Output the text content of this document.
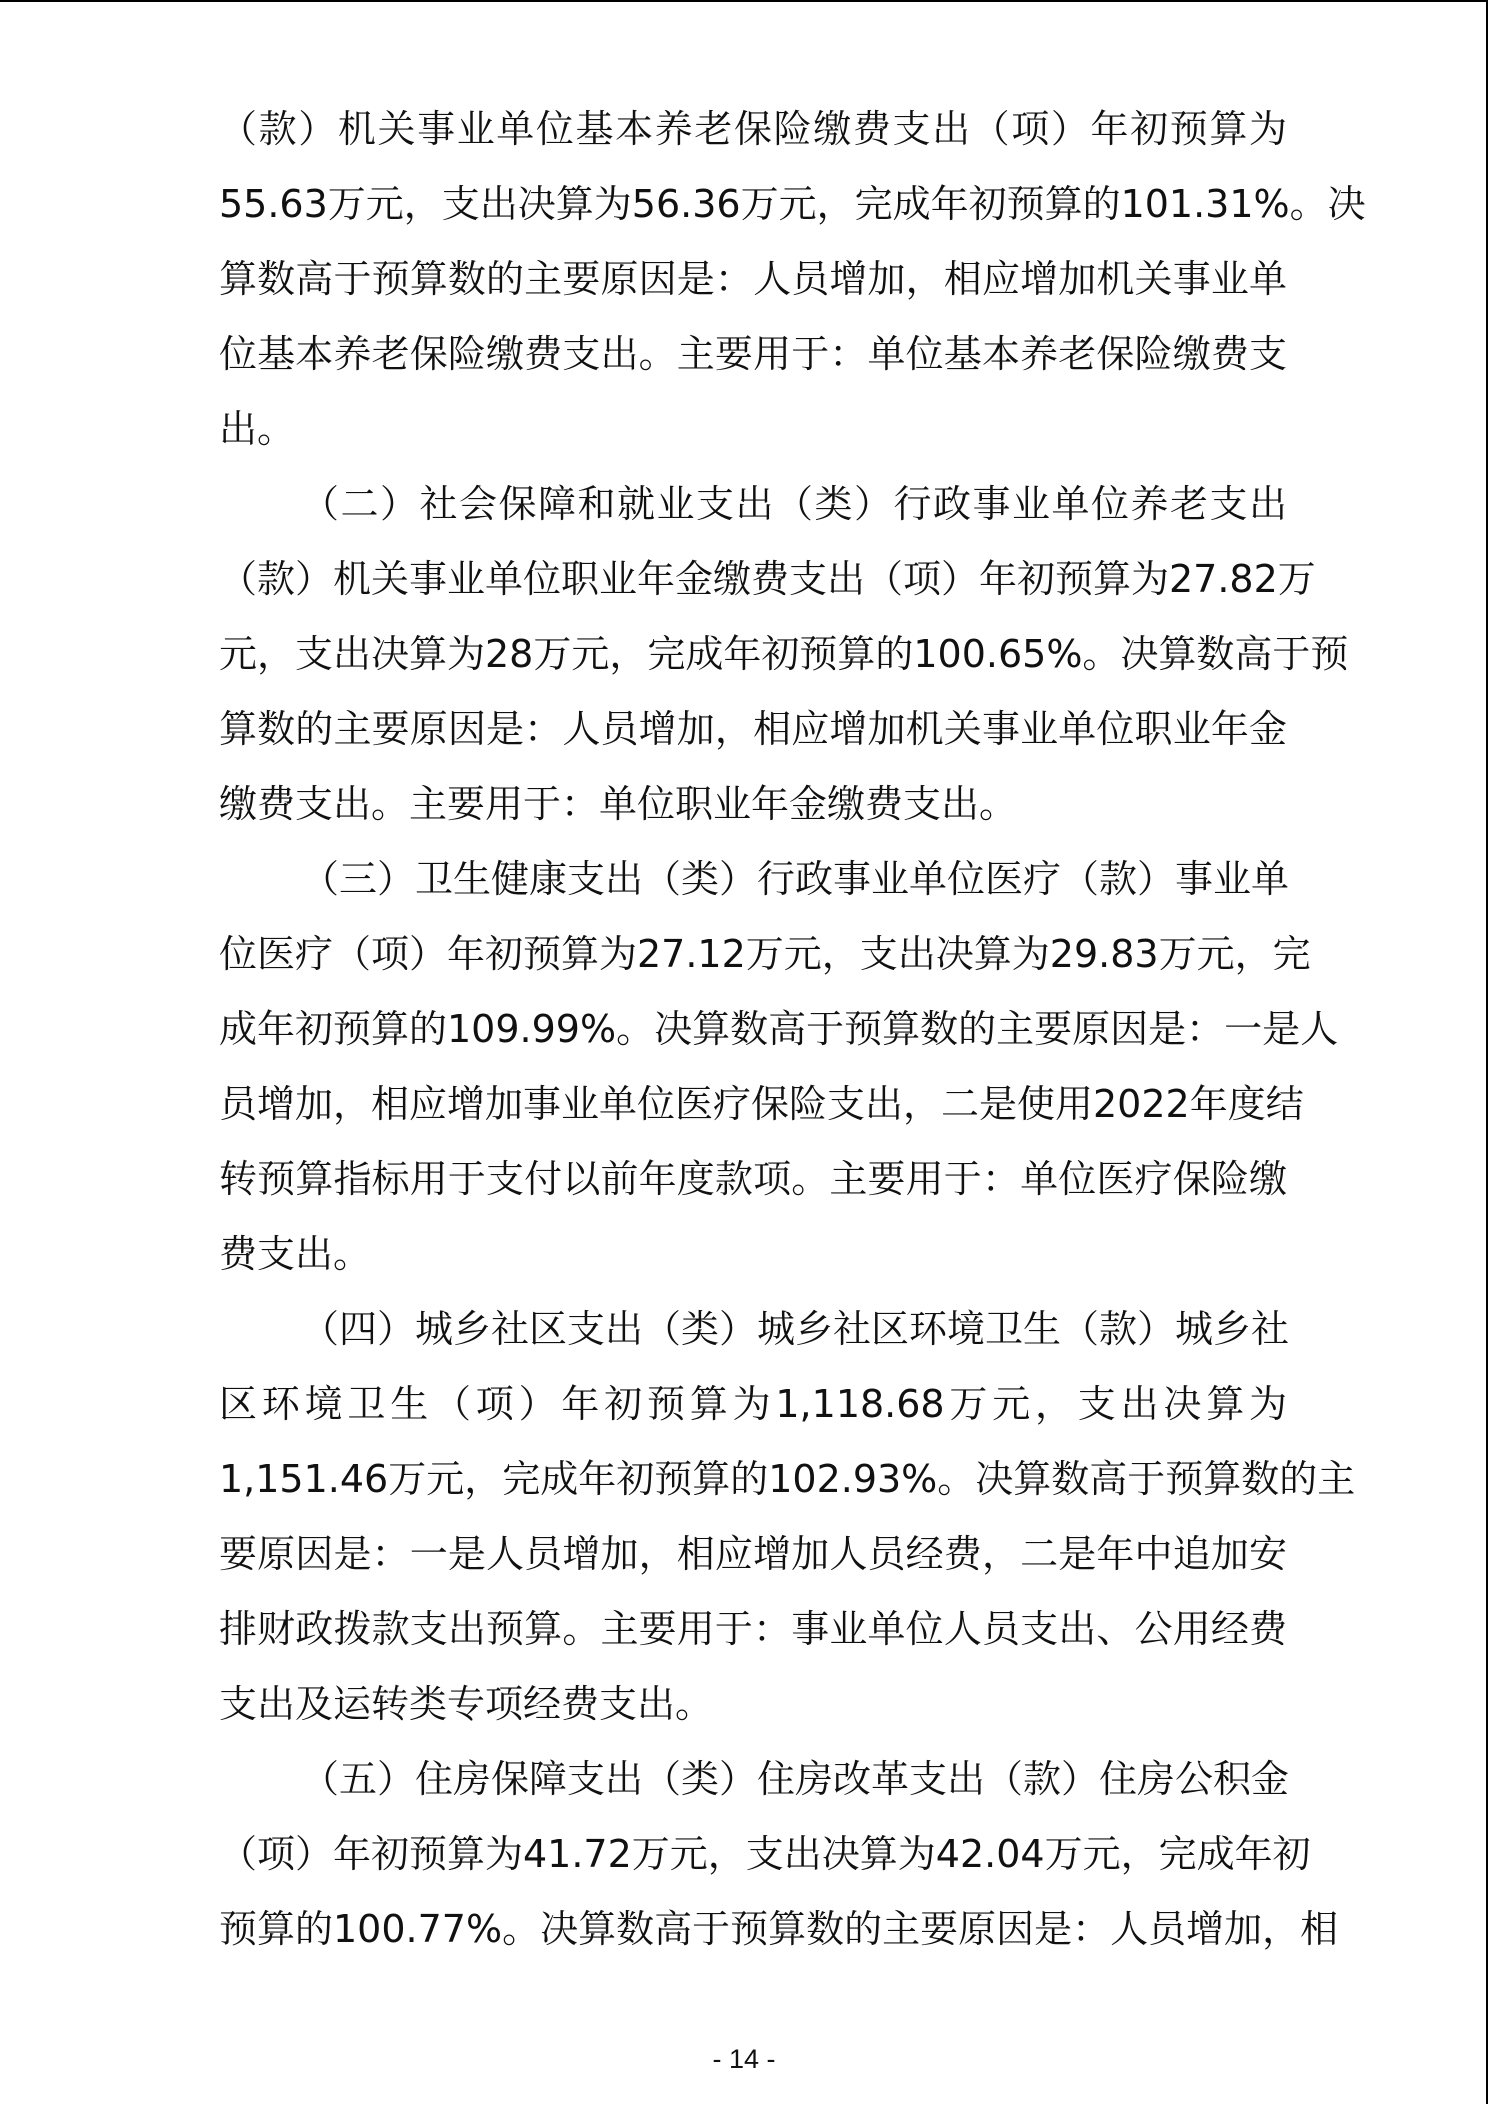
（款）机关事业单位基本养老保险缴费支出（项）年初预算为
55.63万元，支出决算为56.36万元，完成年初预算的101.31%。决
算数高于预算数的主要原因是：人员增加，相应增加机关事业单
位基本养老保险缴费支出。主要用于：单位基本养老保险缴费支
出。
（二）社会保障和就业支出（类）行政事业单位养老支出
（款）机关事业单位职业年金缴费支出（项）年初预算为27.82万
元，支出决算为28万元，完成年初预算的100.65%。决算数高于预
算数的主要原因是：人员增加，相应增加机关事业单位职业年金
缴费支出。主要用于：单位职业年金缴费支出。
（三）卫生健康支出（类）行政事业单位医疗（款）事业单
位医疗（项）年初预算为27.12万元，支出决算为29.83万元，完
成年初预算的109.99%。决算数高于预算数的主要原因是：一是人
员增加，相应增加事业单位医疗保险支出，二是使用2022年度结
转预算指标用于支付以前年度款项。主要用于：单位医疗保险缴
费支出。
（四）城乡社区支出（类）城乡社区环境卫生（款）城乡社
区环境卫生（项）年初预算为1,118.68万元，支出决算为
1,151.46万元，完成年初预算的102.93%。决算数高于预算数的主
要原因是：一是人员增加，相应增加人员经费，二是年中追加安
排财政拨款支出预算。主要用于：事业单位人员支出、公用经费
支出及运转类专项经费支出。
（五）住房保障支出（类）住房改革支出（款）住房公积金
（项）年初预算为41.72万元，支出决算为42.04万元，完成年初
预算的100.77%。决算数高于预算数的主要原因是：人员增加，相
- 14 -
